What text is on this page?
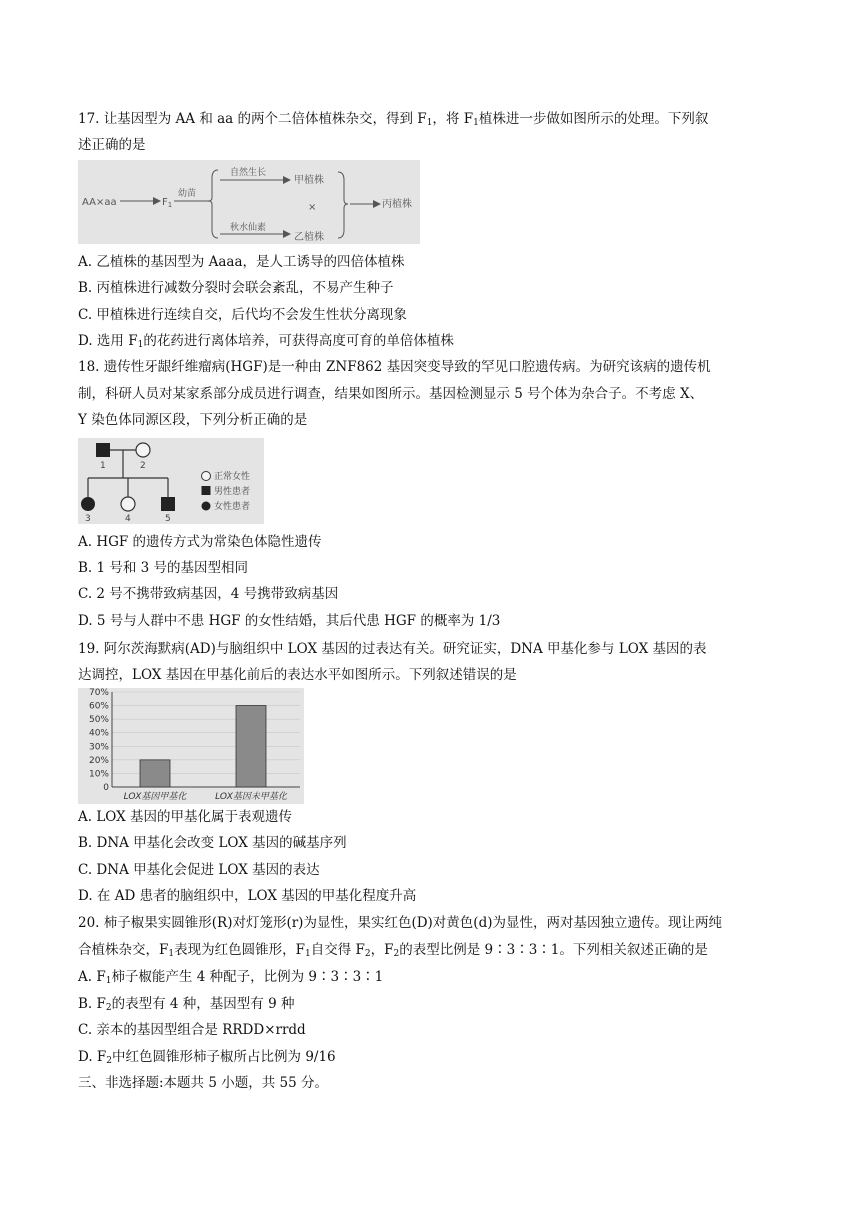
17. 让基因型为 AA 和 aa 的两个二倍体植株杂交，得到 $F_1$，将 $F_1$植株进一步做如图所示的处理。下列叙
述正确的是
AA×aa	$F_1$
幼苗
自然生长
秋水仙素
甲植株
×
乙植株
丙植株
A. 乙植株的基因型为 Aaaa，是人工诱导的四倍体植株
B. 丙植株进行减数分裂时会联会紊乱，不易产生种子
C. 甲植株进行连续自交，后代均不会发生性状分离现象
D. 选用 $F_1$的花药进行离体培养，可获得高度可育的单倍体植株
18. 遗传性牙龈纤维瘤病(HGF)是一种由 ZNF862 基因突变导致的罕见口腔遗传病。为研究该病的遗传机
制，科研人员对某家系部分成员进行调查，结果如图所示。基因检测显示 5 号个体为杂合子。不考虑 X、
Y 染色体同源区段，下列分析正确的是
1	2
3	4	5
正常女性
男性患者
女性患者
A. HGF 的遗传方式为常染色体隐性遗传
B. 1 号和 3 号的基因型相同
C. 2 号不携带致病基因，4 号携带致病基因
D. 5 号与人群中不患 HGF 的女性结婚，其后代患 HGF 的概率为 1/3
19. 阿尔茨海默病(AD)与脑组织中 LOX 基因的过表达有关。研究证实，DNA 甲基化参与 LOX 基因的表
达调控，LOX 基因在甲基化前后的表达水平如图所示。下列叙述错误的是
0
10%
20%
30%
40%
50%
60%
70%
LOX基因甲基化	LOX基因未甲基化
A. LOX 基因的甲基化属于表观遗传
B. DNA 甲基化会改变 LOX 基因的碱基序列
C. DNA 甲基化会促进 LOX 基因的表达
D. 在 AD 患者的脑组织中，LOX 基因的甲基化程度升高
20. 柿子椒果实圆锥形(R)对灯笼形(r)为显性，果实红色(D)对黄色(d)为显性，两对基因独立遗传。现让两纯
合植株杂交，$F_1$表现为红色圆锥形，$F_1$自交得 $F_2$，$F_2$的表型比例是 9∶3∶3∶1。下列相关叙述正确的是
A. $F_1$柿子椒能产生 4 种配子，比例为 9∶3∶3∶1
B. $F_2$的表型有 4 种，基因型有 9 种
C. 亲本的基因型组合是 RRDD×rrdd
D. $F_2$中红色圆锥形柿子椒所占比例为 9/16
三、非选择题:本题共 5 小题，共 55 分。
